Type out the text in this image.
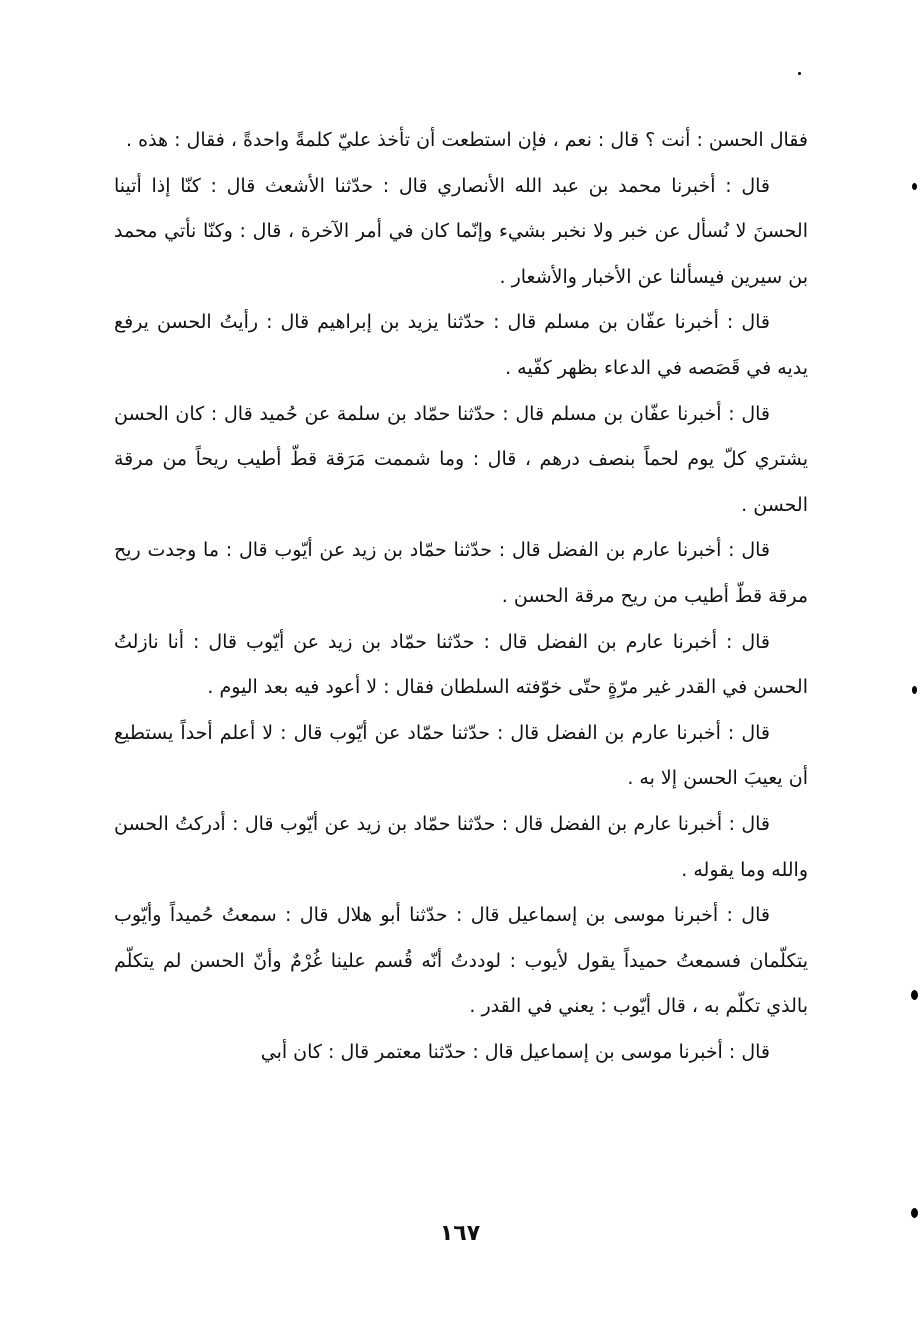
فقال الحسن : أنت ؟ قال : نعم ، فإن استطعت أن تأخذ عليّ كلمةً واحدةً ، فقال : هذه .

قال : أخبرنا محمد بن عبد الله الأنصاري قال : حدّثنا الأشعث قال : كنّا إذا أتينا الحسنَ لا نُسأل عن خبر ولا نخبر بشيء وإنّما كان في أمر الآخرة ، قال : وكنّا نأتي محمد بن سيرين فيسألنا عن الأخبار والأشعار .

قال : أخبرنا عفّان بن مسلم قال : حدّثنا يزيد بن إبراهيم قال : رأيتُ الحسن يرفع يديه في قَصَصه في الدعاء بظهر كفّيه .

قال : أخبرنا عفّان بن مسلم قال : حدّثنا حمّاد بن سلمة عن حُميد قال : كان الحسن يشتري كلّ يوم لحماً بنصف درهم ، قال : وما شممت مَرَقة قطّ أطيب ريحاً من مرقة الحسن .

قال : أخبرنا عارم بن الفضل قال : حدّثنا حمّاد بن زيد عن أيّوب قال : ما وجدت ريح مرقة قطّ أطيب من ريح مرقة الحسن .

قال : أخبرنا عارم بن الفضل قال : حدّثنا حمّاد بن زيد عن أيّوب قال : أنا نازلتُ الحسن في القدر غير مرّةٍ حتّى خوّفته السلطان فقال : لا أعود فيه بعد اليوم .

قال : أخبرنا عارم بن الفضل قال : حدّثنا حمّاد عن أيّوب قال : لا أعلم أحداً يستطيع أن يعيبَ الحسن إلا به .

قال : أخبرنا عارم بن الفضل قال : حدّثنا حمّاد بن زيد عن أيّوب قال : أدركتُ الحسن والله وما يقوله .

قال : أخبرنا موسى بن إسماعيل قال : حدّثنا أبو هلال قال : سمعتُ حُميداً وأيّوب يتكلّمان فسمعتُ حميداً يقول لأيوب : لوددتُ أنّه قُسم علينا غُرْمٌ وأنّ الحسن لم يتكلّم بالذي تكلّم به ، قال أيّوب : يعني في القدر .

قال : أخبرنا موسى بن إسماعيل قال : حدّثنا معتمر قال : كان أبي

١٦٧
